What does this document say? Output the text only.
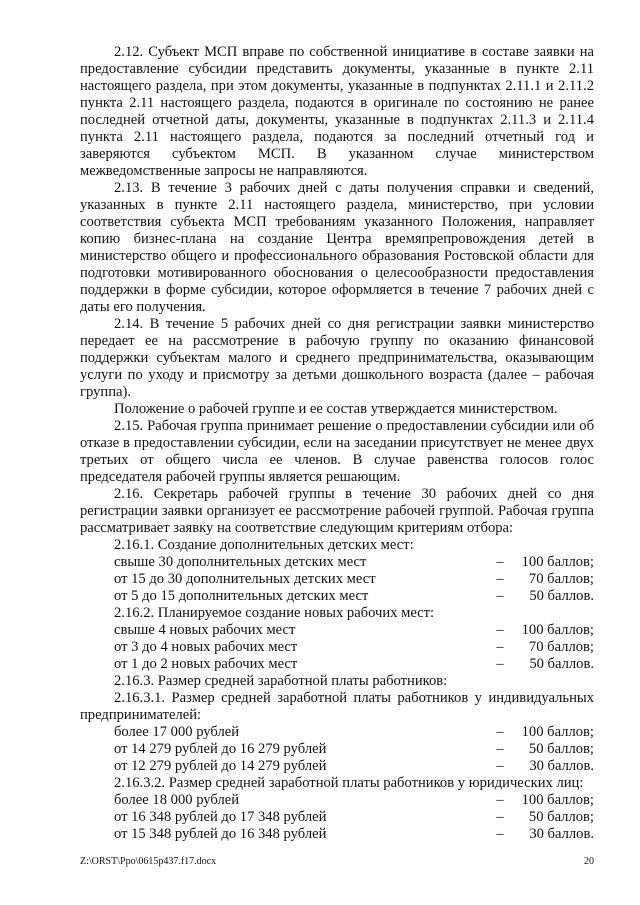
2.12. Субъект МСП вправе по собственной инициативе в составе заявки на предоставление субсидии представить документы, указанные в пункте 2.11 настоящего раздела, при этом документы, указанные в подпунктах 2.11.1 и 2.11.2 пункта 2.11 настоящего раздела, подаются в оригинале по состоянию не ранее последней отчетной даты, документы, указанные в подпунктах 2.11.3 и 2.11.4 пункта 2.11 настоящего раздела, подаются за последний отчетный год и заверяются субъектом МСП. В указанном случае министерством межведомственные запросы не направляются.

2.13. В течение 3 рабочих дней с даты получения справки и сведений, указанных в пункте 2.11 настоящего раздела, министерство, при условии соответствия субъекта МСП требованиям указанного Положения, направляет копию бизнес-плана на создание Центра времяпрепровождения детей в министерство общего и профессионального образования Ростовской области для подготовки мотивированного обоснования о целесообразности предоставления поддержки в форме субсидии, которое оформляется в течение 7 рабочих дней с даты его получения.

2.14. В течение 5 рабочих дней со дня регистрации заявки министерство передает ее на рассмотрение в рабочую группу по оказанию финансовой поддержки субъектам малого и среднего предпринимательства, оказывающим услуги по уходу и присмотру за детьми дошкольного возраста (далее – рабочая группа).

Положение о рабочей группе и ее состав утверждается министерством.

2.15. Рабочая группа принимает решение о предоставлении субсидии или об отказе в предоставлении субсидии, если на заседании присутствует не менее двух третьих от общего числа ее членов. В случае равенства голосов голос председателя рабочей группы является решающим.

2.16. Секретарь рабочей группы в течение 30 рабочих дней со дня регистрации заявки организует ее рассмотрение рабочей группой. Рабочая группа рассматривает заявку на соответствие следующим критериям отбора:

2.16.1. Создание дополнительных детских мест:

свыше 30 дополнительных детских мест	–	100 баллов;
от 15 до 30 дополнительных детских мест	–	70 баллов;
от 5 до 15 дополнительных детских мест	–	50 баллов.

2.16.2. Планируемое создание новых рабочих мест:

свыше 4 новых рабочих мест	–	100 баллов;
от 3 до 4 новых рабочих мест	–	70 баллов;
от 1 до 2 новых рабочих мест	–	50 баллов.

2.16.3. Размер средней заработной платы работников:

2.16.3.1. Размер средней заработной платы работников у индивидуальных предпринимателей:

более 17 000 рублей	–	100 баллов;
от 14 279 рублей до 16 279 рублей	–	50 баллов;
от 12 279 рублей до 14 279 рублей	–	30 баллов.

2.16.3.2. Размер средней заработной платы работников у юридических лиц:

более 18 000 рублей	–	100 баллов;
от 16 348 рублей до 17 348 рублей	–	50 баллов;
от 15 348 рублей до 16 348 рублей	–	30 баллов.
Z:\ORST\Ppo\0615p437.f17.docx	20
